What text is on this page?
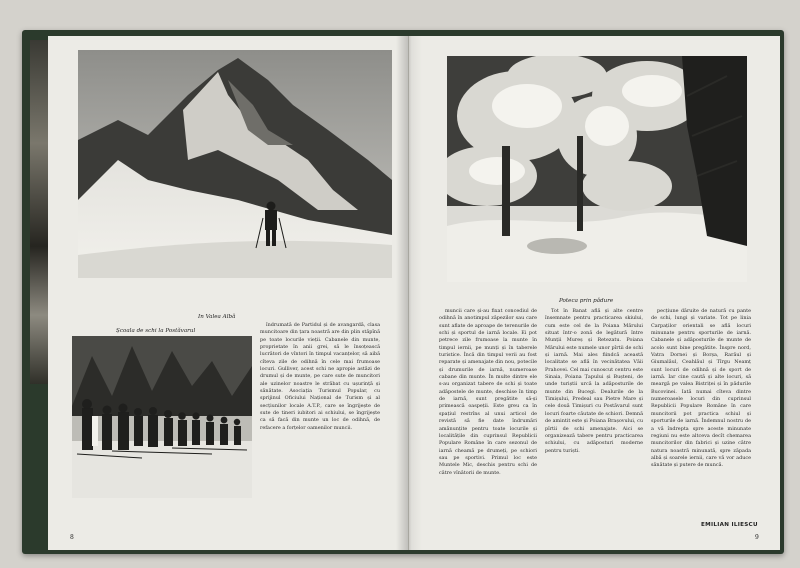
In Valea Albă
Școala de schi la Postăvarul

îndrumată de Partidul și de avangardă, clasa muncitoare din țara noastră are din plin stăpînă pe toate locurile vieții. Cabanele din munte, proprietate în anii grei, să le însoțească lucrători de vîntori în timpul vacanțelor, să aibă cîteva zile de odihnă în cele mai frumoase locuri. Gulliver, acest schi ne apropie astăzi de drumul și de munte, pe care sute de muncitori ale uzinelor noastre le străbat cu ușurință și sănătate. Asociația Turismul Popular, cu sprijinul Oficiului Național de Turism și al secțiunilor locale A.T.P., care se îngrijește de sute de tineri iubitori ai schiului, se îngrijește ca să facă din munte un loc de odihnă, de refacere a forțelor oamenilor muncii.

8
Poteca prin pădure

muncii care și-au fixat concediul de odihnă în anotimpul zăpezilor sau care sunt aflate de aproape de terenurile de schi și sportul de iarnă locale. Ei pot petrece zile frumoase la munte în timpul iernii, pe munți și în taberele turistice. Încă din timpul verii au fost reparate și amenajate din nou, potecile și drumurile de iarnă, numeroase cabane din munte. În multe dintre ele s-au organizat tabere de schi și toate adăpostele de munte, deschise în timp de iarnă, sunt pregătite să-și primească oaspeții. Este greu ca în spațiul restrîns al unui articol de revistă să fie date îndrumări amănunțite pentru toate locurile și localitățile din cuprinsul Republicii Populare Române în care sezonul de iarnă cheamă pe drumeți, pe schiori sau pe sportivi. Primul loc este Muntele Mic, deschis pentru schi de către vînătorii de munte.

Tot în Banat află și alte centre însemnate pentru practicarea skiului, cum este cel de la Poiana Mărului situat într-o zonă de legătură între Munții Mureș și Retezatu. Poiana Mărului este numele unor pîrtii de schi și iarnă. Mai ales fiindcă această localitate se află în vecinătatea Văii Prahovei. Cel mai cunoscut centru este Sinaia, Poiana Țapului și Bușteni, de unde turiștii urcă la adăposturile de munte din Bucegi. Dealurile de la Timișului, Predeal sau Pietre Mare și cele două Timișuri cu Postăvarul sunt locuri foarte căutate de schiori. Demnă de amintit este și Poiana Brașovului, cu pîrtii de schi amenajate. Aici se organizează tabere pentru practicarea schiului, cu adăposturi moderne pentru turiști.

pecțiune dăruite de natură cu pante de schi, lungi și variate. Tot pe linia Carpaților orientali se află locuri minunate pentru sporturile de iarnă. Cabanele și adăposturile de munte de acolo sunt bine pregătite. Înspre nord, Vatra Dornei și Borșa, Rarăul și Giumalăul, Ceahlăul și Tîrgu Neamț sunt locuri de odihnă și de sport de iarnă. Iar cine caută și alte locuri, să meargă pe valea Bistriței și în pădurile Bucovinei. Iată numai cîteva dintre numeroasele locuri din cuprinsul Republicii Populare Române în care muncitorii pot practica schiul și sporturile de iarnă. Îndemnul nostru de a vă îndrepta spre aceste minunate regiuni nu este altceva decît chemarea muncitorilor din fabrici și uzine către natura noastră minunată, spre zăpada albă și soarele iernii, care vă vor aduce sănătate și putere de muncă.

EMILIAN ILIESCU
9
